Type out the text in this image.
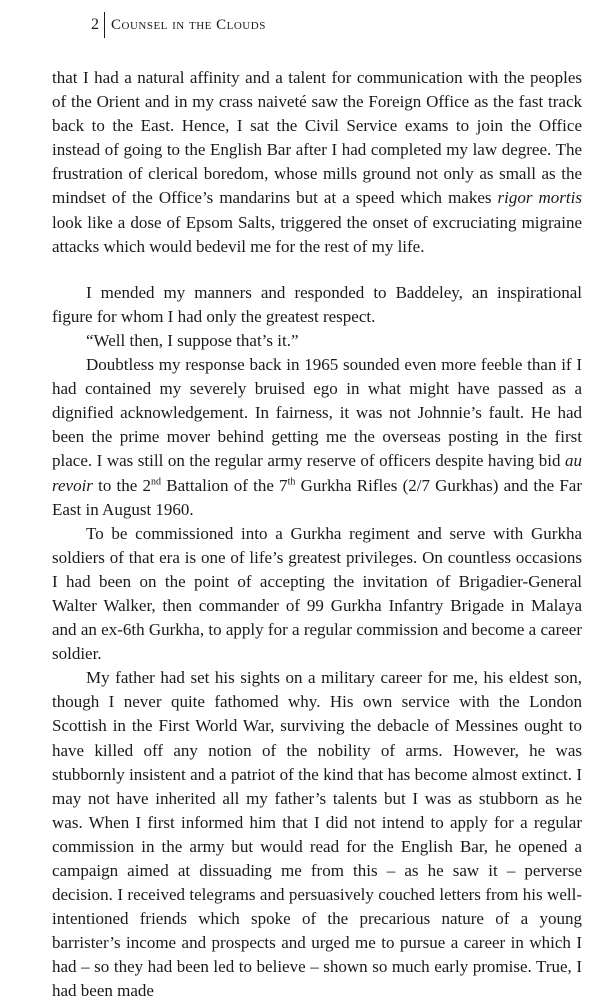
2 Counsel in the Clouds

that I had a natural affinity and a talent for communication with the peoples of the Orient and in my crass naiveté saw the Foreign Office as the fast track back to the East. Hence, I sat the Civil Service exams to join the Office instead of going to the English Bar after I had completed my law degree. The frustration of clerical boredom, whose mills ground not only as small as the mindset of the Office’s mandarins but at a speed which makes rigor mortis look like a dose of Epsom Salts, triggered the onset of excruciating migraine attacks which would bedevil me for the rest of my life.

I mended my manners and responded to Baddeley, an inspirational figure for whom I had only the greatest respect.

“Well then, I suppose that’s it.”

Doubtless my response back in 1965 sounded even more feeble than if I had contained my severely bruised ego in what might have passed as a dignified acknowledgement. In fairness, it was not Johnnie’s fault. He had been the prime mover behind getting me the overseas posting in the first place. I was still on the regular army reserve of officers despite having bid au revoir to the 2nd Battalion of the 7th Gurkha Rifles (2/7 Gurkhas) and the Far East in August 1960.

To be commissioned into a Gurkha regiment and serve with Gurkha soldiers of that era is one of life’s greatest privileges. On countless occasions I had been on the point of accepting the invitation of Brigadier-General Walter Walker, then commander of 99 Gurkha Infantry Brigade in Malaya and an ex-6th Gurkha, to apply for a regular commission and become a career soldier.

My father had set his sights on a military career for me, his eldest son, though I never quite fathomed why. His own service with the London Scottish in the First World War, surviving the debacle of Messines ought to have killed off any notion of the nobility of arms. However, he was stubbornly insistent and a patriot of the kind that has become almost extinct. I may not have inherited all my father’s talents but I was as stubborn as he was. When I first informed him that I did not intend to apply for a regular commission in the army but would read for the English Bar, he opened a campaign aimed at dissuading me from this – as he saw it – perverse decision. I received telegrams and persuasively couched letters from his well-intentioned friends which spoke of the precarious nature of a young barrister’s income and prospects and urged me to pursue a career in which I had – so they had been led to believe – shown so much early promise. True, I had been made
